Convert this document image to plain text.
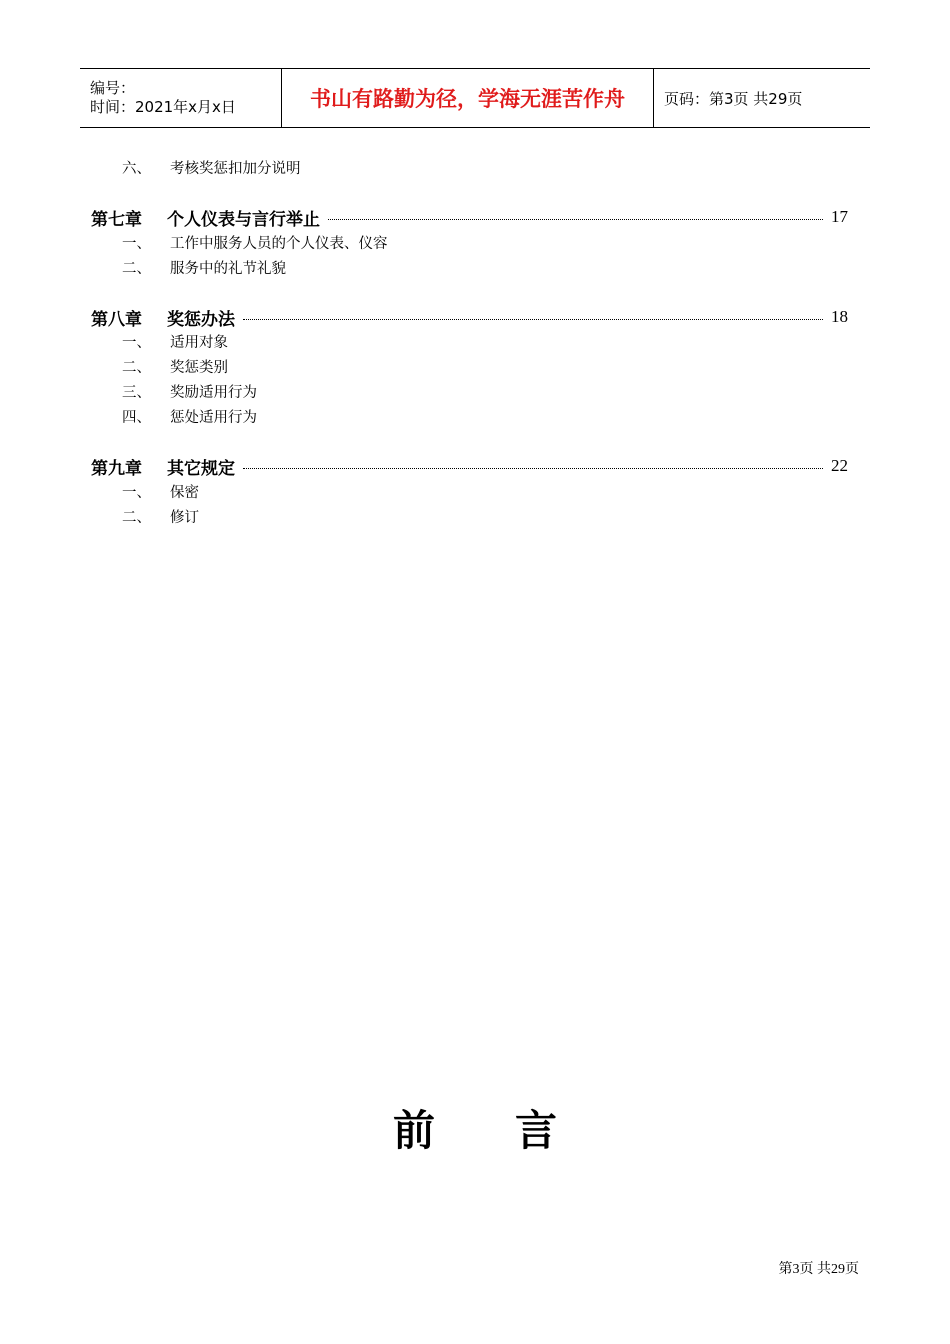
编号：
时间：2021年x月x日	书山有路勤为径，学海无涯苦作舟	页码：第3页 共29页
六、	考核奖惩扣加分说明
第七章	个人仪表与言行举止	17
一、	工作中服务人员的个人仪表、仪容
二、	服务中的礼节礼貌
第八章	奖惩办法	18
一、	适用对象
二、	奖惩类别
三、	奖励适用行为
四、	惩处适用行为
第九章	其它规定	22
一、	保密
二、	修订
前言
第3页 共29页
